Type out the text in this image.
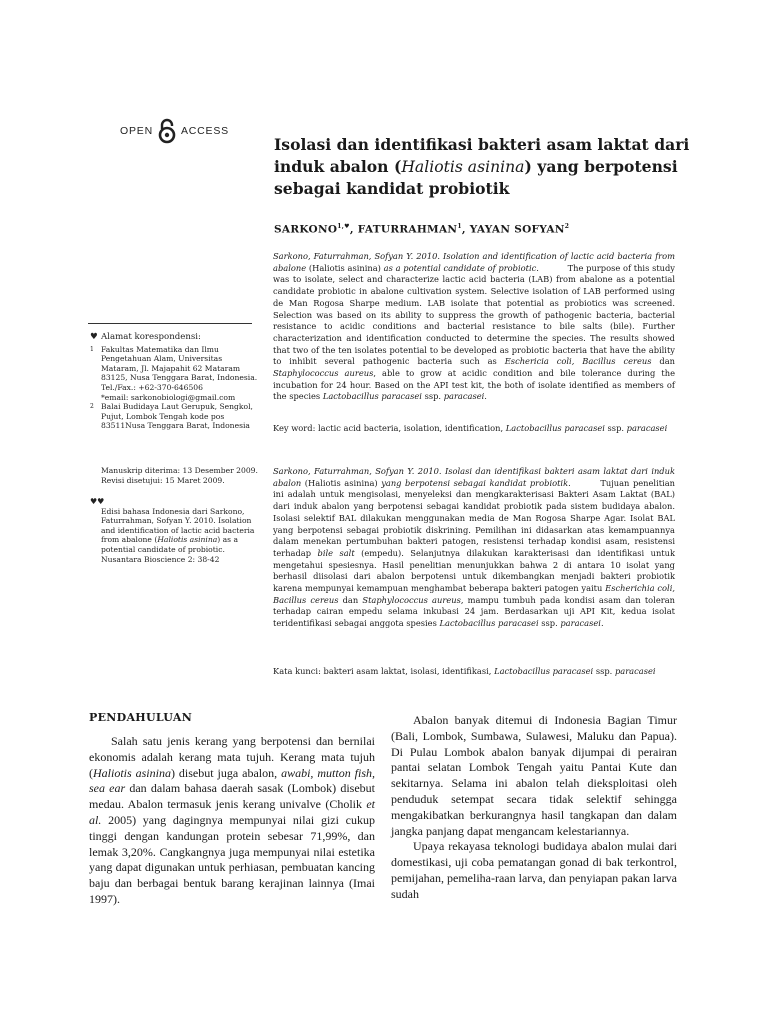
OPEN	ACCESS
Isolasi dan identifikasi bakteri asam laktat dari induk abalon (Haliotis asinina) yang berpotensi sebagai kandidat probiotik
$SARKONO^{1,♥}$, FATURRAHMAN$^1$, YAYAN SOFYAN$^2$
Sarkono, Faturrahman, Sofyan Y. 2010. Isolation and identification of lactic acid bacteria from abalone (Haliotis asinina) as a potential candidate of probiotic.	The purpose of this study was to isolate, select and characterize lactic acid bacteria (LAB) from abalone as a potential candidate probiotic in abalone cultivation system. Selective isolation of LAB performed using de Man Rogosa Sharpe medium. LAB isolate that potential as probiotics was screened. Selection was based on its ability to suppress the growth of pathogenic bacteria, bacterial resistance to acidic conditions and bacterial resistance to bile salts (bile). Further characterization and identification conducted to determine the species. The results showed that two of the ten isolates potential to be developed as probiotic bacteria that have the ability to inhibit several pathogenic bacteria such as Eschericia coli, Bacillus cereus dan Staphylococcus aureus, able to grow at acidic condition and bile tolerance during the incubation for 24 hour. Based on the API test kit, the both of isolate identified as members of the species Lactobacillus paracasei ssp. paracasei.
Key word: lactic acid bacteria, isolation, identification, Lactobacillus paracasei ssp. paracasei
Sarkono, Faturrahman, Sofyan Y. 2010. Isolasi dan identifikasi bakteri asam laktat dari induk abalon (Haliotis asinina) yang berpotensi sebagai kandidat probiotik.	Tujuan penelitian ini adalah untuk mengisolasi, menyeleksi dan mengkarakterisasi Bakteri Asam Laktat (BAL) dari induk abalon yang berpotensi sebagai kandidat probiotik pada sistem budidaya abalon. Isolasi selektif BAL dilakukan menggunakan media de Man Rogosa Sharpe Agar. Isolat BAL yang berpotensi sebagai probiotik diskrining. Pemilihan ini didasarkan atas kemampuannya dalam menekan pertumbuhan bakteri patogen, resistensi terhadap kondisi asam, resistensi terhadap bile salt (empedu). Selanjutnya dilakukan karakterisasi dan identifikasi untuk mengetahui spesiesnya. Hasil penelitian menunjukkan bahwa 2 di antara 10 isolat yang berhasil diisolasi dari abalon berpotensi untuk dikembangkan menjadi bakteri probiotik karena mempunyai kemampuan menghambat beberapa bakteri patogen yaitu Escherichia coli, Bacillus cereus dan Staphylococcus aureus, mampu tumbuh pada kondisi asam dan toleran terhadap cairan empedu selama inkubasi 24 jam. Berdasarkan uji API Kit, kedua isolat teridentifikasi sebagai anggota spesies Lactobacillus paracasei ssp. paracasei.
Kata kunci: bakteri asam laktat, isolasi, identifikasi, Lactobacillus paracasei ssp. paracasei
♥ Alamat korespondensi:
1 Fakultas Matematika dan Ilmu Pengetahuan Alam, Universitas Mataram, Jl. Majapahit 62 Mataram 83125, Nusa Tenggara Barat, Indonesia. Tel./Fax.: +62-370-646506
*email: sarkonobiologi@gmail.com
2 Balai Budidaya Laut Gerupuk, Sengkol, Pujut, Lombok Tengah kode pos 83511Nusa Tenggara Barat, Indonesia
Manuskrip diterima: 13 Desember 2009. Revisi disetujui: 15 Maret 2009.
♥♥
Edisi bahasa Indonesia dari Sarkono, Faturrahman, Sofyan Y. 2010. Isolation and identification of lactic acid bacteria from abalone (Haliotis asinina) as a potential candidate of probiotic. Nusantara Bioscience 2: 38-42
PENDAHULUAN

Salah satu jenis kerang yang berpotensi dan bernilai ekonomis adalah kerang mata tujuh. Kerang mata tujuh (Haliotis asinina) disebut juga abalon, awabi, mutton fish, sea ear dan dalam bahasa daerah sasak (Lombok) disebut medau. Abalon termasuk jenis kerang univalve (Cholik et al. 2005) yang dagingnya mempunyai nilai gizi cukup tinggi dengan kandungan protein sebesar 71,99%, dan lemak 3,20%. Cangkangnya juga mempunyai nilai estetika yang dapat digunakan untuk perhiasan, pembuatan kancing baju dan berbagai bentuk barang kerajinan lainnya (Imai 1997).

Abalon banyak ditemui di Indonesia Bagian Timur (Bali, Lombok, Sumbawa, Sulawesi, Maluku dan Papua). Di Pulau Lombok abalon banyak dijumpai di perairan pantai selatan Lombok Tengah yaitu Pantai Kute dan sekitarnya. Selama ini abalon telah dieksploitasi oleh penduduk setempat secara tidak selektif sehingga mengakibatkan berkurangnya hasil tangkapan dan dalam jangka panjang dapat mengancam kelestariannya.

Upaya rekayasa teknologi budidaya abalon mulai dari domestikasi, uji coba pematangan gonad di bak terkontrol, pemijahan, pemeliha-raan larva, dan penyiapan pakan larva sudah
